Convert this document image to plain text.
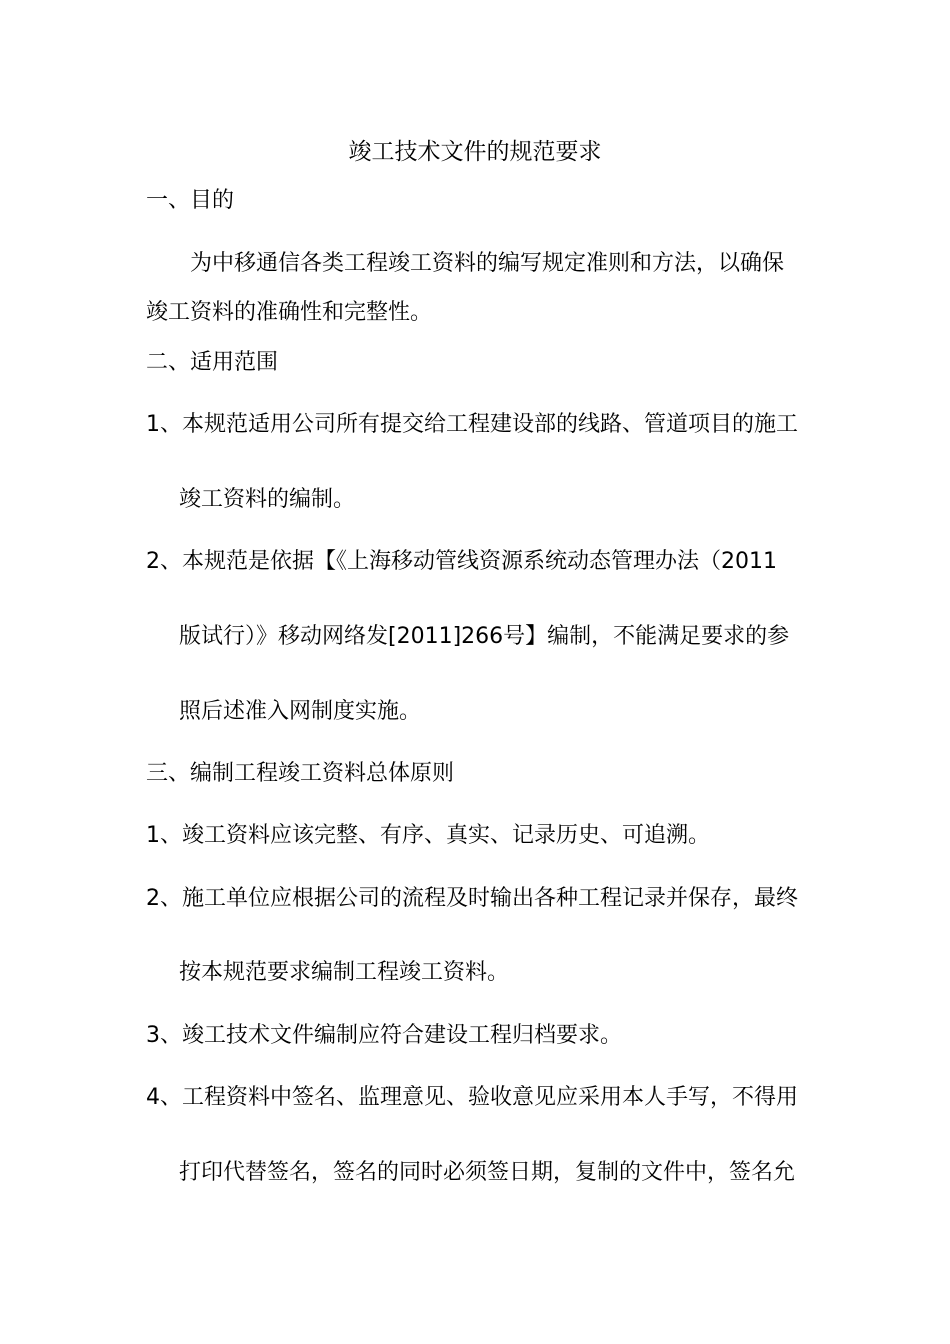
竣工技术文件的规范要求
一、目的
为中移通信各类工程竣工资料的编写规定准则和方法，以确保
竣工资料的准确性和完整性。
二、适用范围
1、本规范适用公司所有提交给工程建设部的线路、管道项目的施工
竣工资料的编制。
2、本规范是依据【《上海移动管线资源系统动态管理办法（2011
版试行）》移动网络发[2011]266号】编制，不能满足要求的参
照后述准入网制度实施。
三、编制工程竣工资料总体原则
1、竣工资料应该完整、有序、真实、记录历史、可追溯。
2、施工单位应根据公司的流程及时输出各种工程记录并保存，最终
按本规范要求编制工程竣工资料。
3、竣工技术文件编制应符合建设工程归档要求。
4、工程资料中签名、监理意见、验收意见应采用本人手写，不得用
打印代替签名，签名的同时必须签日期，复制的文件中，签名允
